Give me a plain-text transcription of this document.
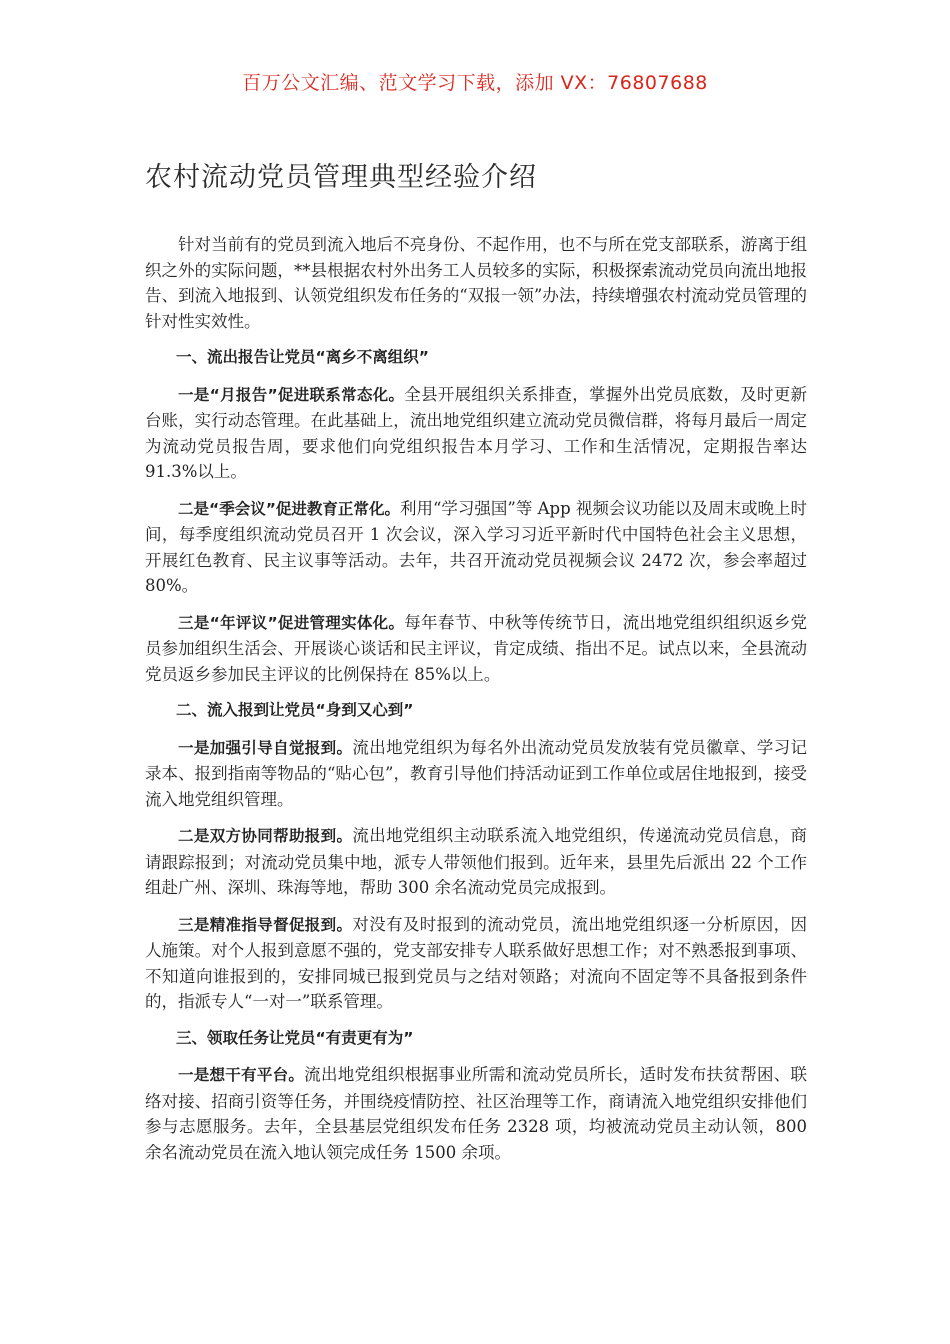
百万公文汇编、范文学习下载，添加 VX：76807688
农村流动党员管理典型经验介绍

针对当前有的党员到流入地后不亮身份、不起作用，也不与所在党支部联系，游离于组织之外的实际问题，**县根据农村外出务工人员较多的实际，积极探索流动党员向流出地报告、到流入地报到、认领党组织发布任务的“双报一领”办法，持续增强农村流动党员管理的针对性实效性。

一、流出报告让党员“离乡不离组织”

一是“月报告”促进联系常态化。全县开展组织关系排查，掌握外出党员底数，及时更新台账，实行动态管理。在此基础上，流出地党组织建立流动党员微信群，将每月最后一周定为流动党员报告周，要求他们向党组织报告本月学习、工作和生活情况，定期报告率达 91.3%以上。

二是“季会议”促进教育正常化。利用“学习强国”等 App 视频会议功能以及周末或晚上时间，每季度组织流动党员召开 1 次会议，深入学习习近平新时代中国特色社会主义思想，开展红色教育、民主议事等活动。去年，共召开流动党员视频会议 2472 次，参会率超过 80%。

三是“年评议”促进管理实体化。每年春节、中秋等传统节日，流出地党组织组织返乡党员参加组织生活会、开展谈心谈话和民主评议，肯定成绩、指出不足。试点以来，全县流动党员返乡参加民主评议的比例保持在 85%以上。

二、流入报到让党员“身到又心到”

一是加强引导自觉报到。流出地党组织为每名外出流动党员发放装有党员徽章、学习记录本、报到指南等物品的“贴心包”，教育引导他们持活动证到工作单位或居住地报到，接受流入地党组织管理。

二是双方协同帮助报到。流出地党组织主动联系流入地党组织，传递流动党员信息，商请跟踪报到；对流动党员集中地，派专人带领他们报到。近年来，县里先后派出 22 个工作组赴广州、深圳、珠海等地，帮助 300 余名流动党员完成报到。

三是精准指导督促报到。对没有及时报到的流动党员，流出地党组织逐一分析原因，因人施策。对个人报到意愿不强的，党支部安排专人联系做好思想工作；对不熟悉报到事项、不知道向谁报到的，安排同城已报到党员与之结对领路；对流向不固定等不具备报到条件的，指派专人“一对一”联系管理。

三、领取任务让党员“有责更有为”

一是想干有平台。流出地党组织根据事业所需和流动党员所长，适时发布扶贫帮困、联络对接、招商引资等任务，并围绕疫情防控、社区治理等工作，商请流入地党组织安排他们参与志愿服务。去年，全县基层党组织发布任务 2328 项，均被流动党员主动认领，800 余名流动党员在流入地认领完成任务 1500 余项。
